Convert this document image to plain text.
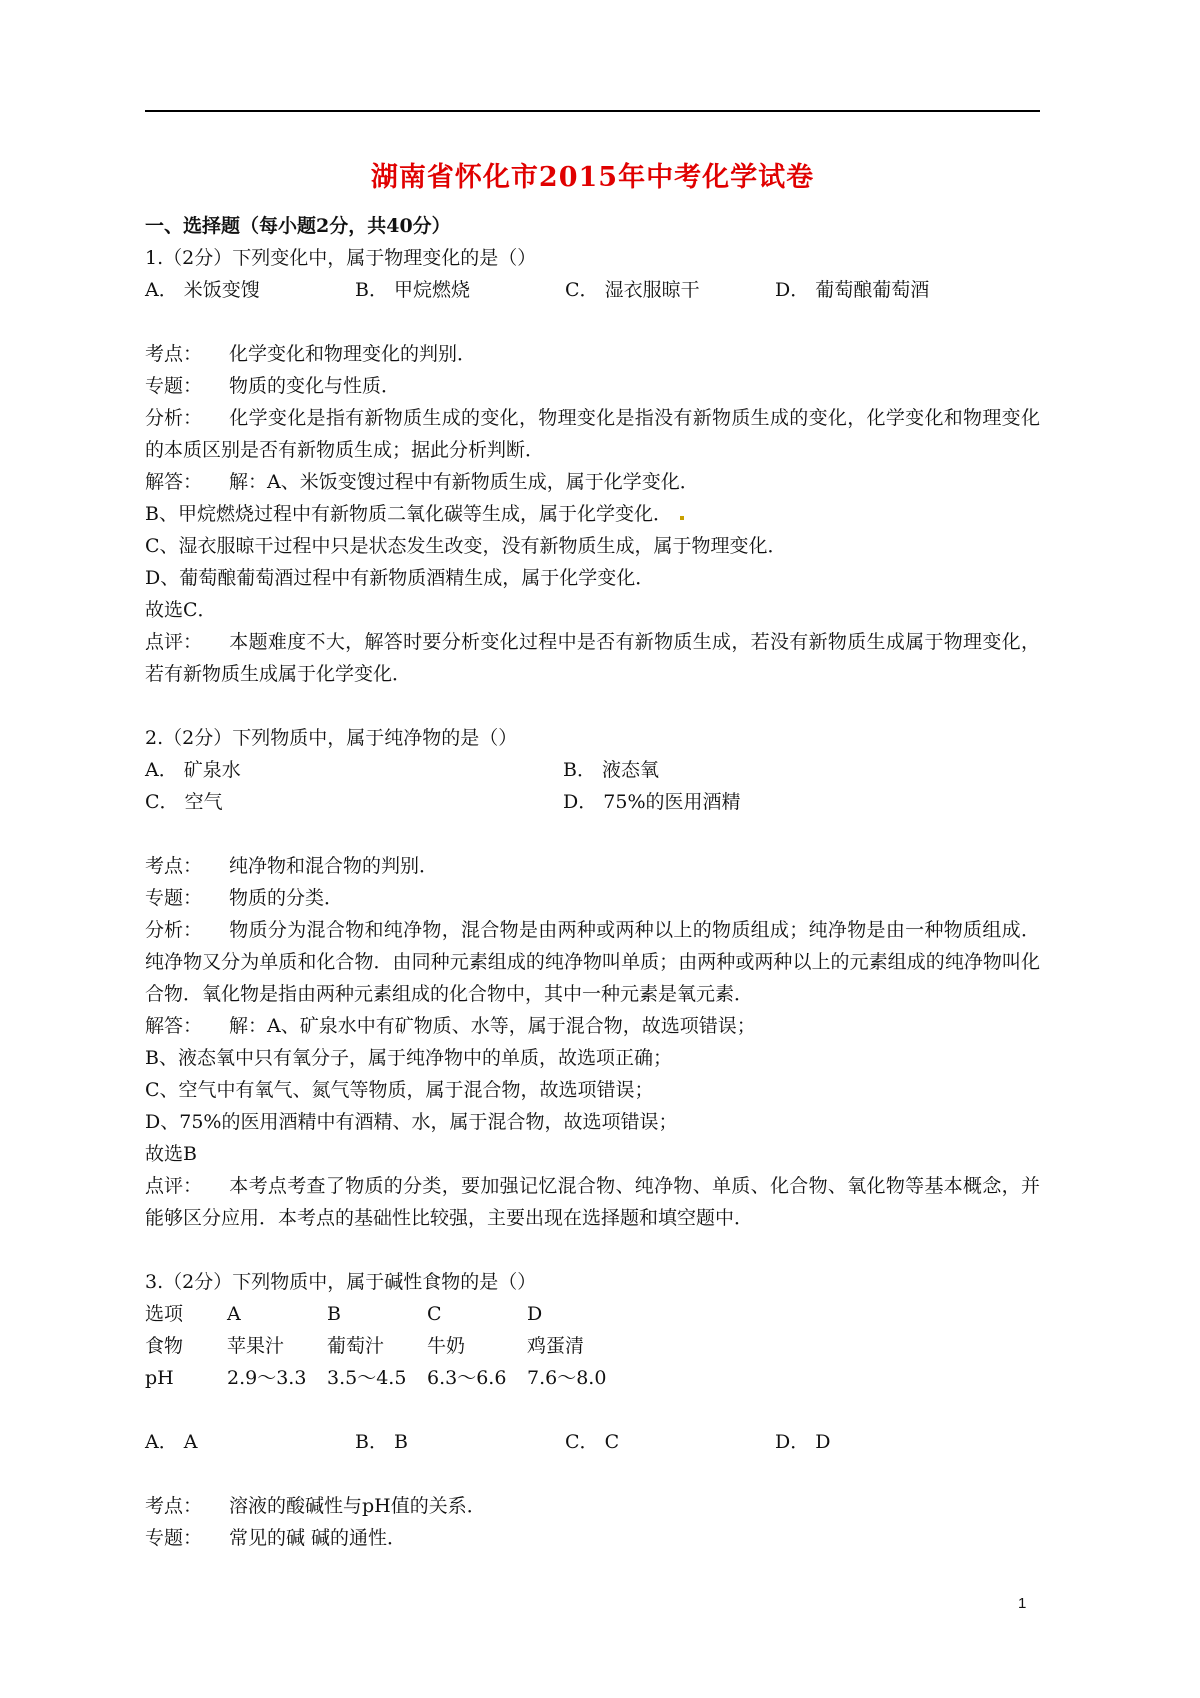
湖南省怀化市2015年中考化学试卷
一、选择题（每小题2分，共40分）
1.（2分）下列变化中，属于物理变化的是（）
A． 米饭变馊	B． 甲烷燃烧	C． 湿衣服晾干	D． 葡萄酿葡萄酒
考点： 化学变化和物理变化的判别．
专题： 物质的变化与性质．
分析： 化学变化是指有新物质生成的变化，物理变化是指没有新物质生成的变化，化学变化和物理变化的本质区别是否有新物质生成；据此分析判断．
解答： 解：A、米饭变馊过程中有新物质生成，属于化学变化．
B、甲烷燃烧过程中有新物质二氧化碳等生成，属于化学变化．
C、湿衣服晾干过程中只是状态发生改变，没有新物质生成，属于物理变化．
D、葡萄酿葡萄酒过程中有新物质酒精生成，属于化学变化．
故选C．
点评： 本题难度不大，解答时要分析变化过程中是否有新物质生成，若没有新物质生成属于物理变化，若有新物质生成属于化学变化．
2.（2分）下列物质中，属于纯净物的是（）
A． 矿泉水	B． 液态氧
C． 空气	D． 75%的医用酒精
考点： 纯净物和混合物的判别．
专题： 物质的分类．
分析： 物质分为混合物和纯净物，混合物是由两种或两种以上的物质组成；纯净物是由一种物质组成．纯净物又分为单质和化合物．由同种元素组成的纯净物叫单质；由两种或两种以上的元素组成的纯净物叫化合物．氧化物是指由两种元素组成的化合物中，其中一种元素是氧元素．
解答： 解：A、矿泉水中有矿物质、水等，属于混合物，故选项错误；
B、液态氧中只有氧分子，属于纯净物中的单质，故选项正确；
C、空气中有氧气、氮气等物质，属于混合物，故选项错误；
D、75%的医用酒精中有酒精、水，属于混合物，故选项错误；
故选B
点评： 本考点考查了物质的分类，要加强记忆混合物、纯净物、单质、化合物、氧化物等基本概念，并能够区分应用．本考点的基础性比较强，主要出现在选择题和填空题中．
3.（2分）下列物质中，属于碱性食物的是（）
选项	A	B	C	D
食物	苹果汁	葡萄汁	牛奶	鸡蛋清
pH	2.9～3.3	3.5～4.5	6.3～6.6	7.6～8.0
A． A	B． B	C． C	D． D
考点： 溶液的酸碱性与pH值的关系．
专题： 常见的碱 碱的通性．
1
